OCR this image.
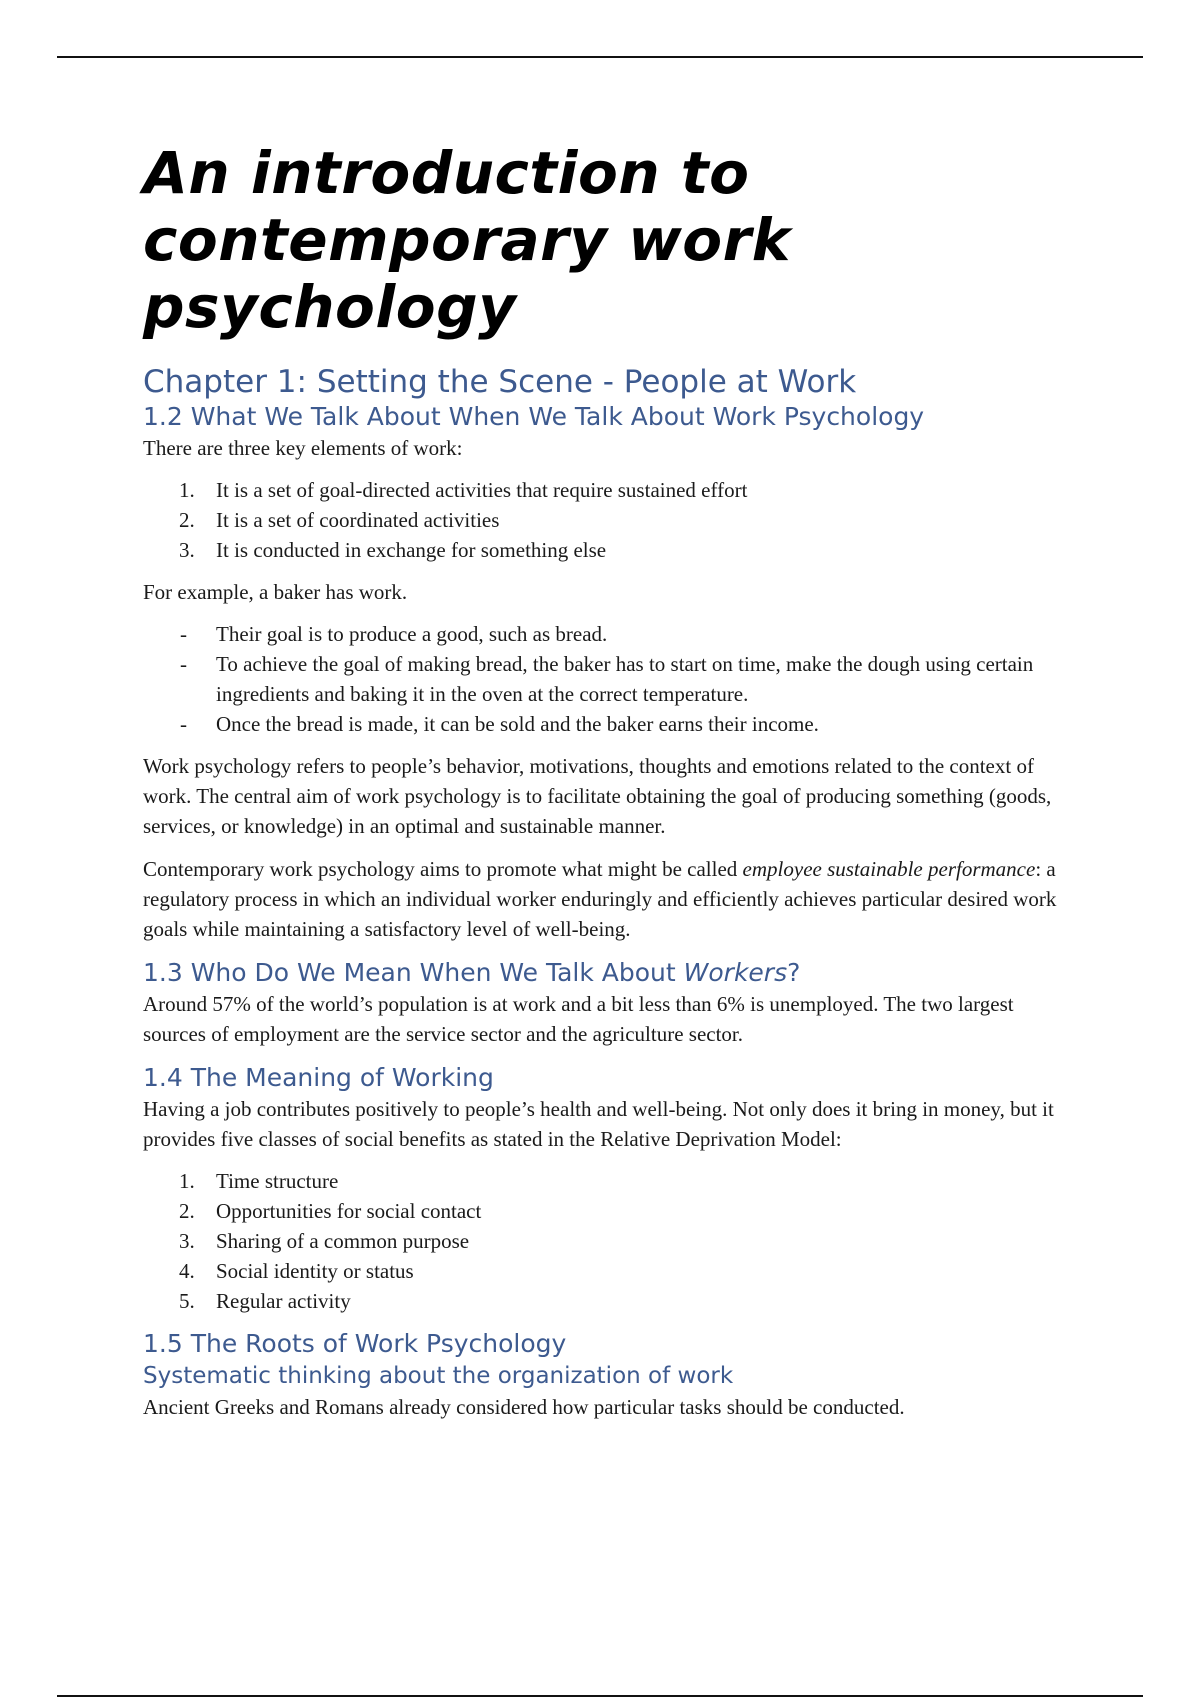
An introduction to contemporary work psychology
Chapter 1: Setting the Scene - People at Work
1.2 What We Talk About When We Talk About Work Psychology

There are three key elements of work:

1.	It is a set of goal-directed activities that require sustained effort
2.	It is a set of coordinated activities
3.	It is conducted in exchange for something else

For example, a baker has work.

- Their goal is to produce a good, such as bread.
- To achieve the goal of making bread, the baker has to start on time, make the dough using certain ingredients and baking it in the oven at the correct temperature.
- Once the bread is made, it can be sold and the baker earns their income.

Work psychology refers to people’s behavior, motivations, thoughts and emotions related to the context of work. The central aim of work psychology is to facilitate obtaining the goal of producing something (goods, services, or knowledge) in an optimal and sustainable manner.

Contemporary work psychology aims to promote what might be called employee sustainable performance: a regulatory process in which an individual worker enduringly and efficiently achieves particular desired work goals while maintaining a satisfactory level of well-being.

1.3 Who Do We Mean When We Talk About Workers?

Around 57% of the world’s population is at work and a bit less than 6% is unemployed. The two largest sources of employment are the service sector and the agriculture sector.

1.4 The Meaning of Working

Having a job contributes positively to people’s health and well-being. Not only does it bring in money, but it provides five classes of social benefits as stated in the Relative Deprivation Model:

1.	Time structure
2.	Opportunities for social contact
3.	Sharing of a common purpose
4.	Social identity or status
5.	Regular activity
1.5 The Roots of Work Psychology
Systematic thinking about the organization of work

Ancient Greeks and Romans already considered how particular tasks should be conducted.
